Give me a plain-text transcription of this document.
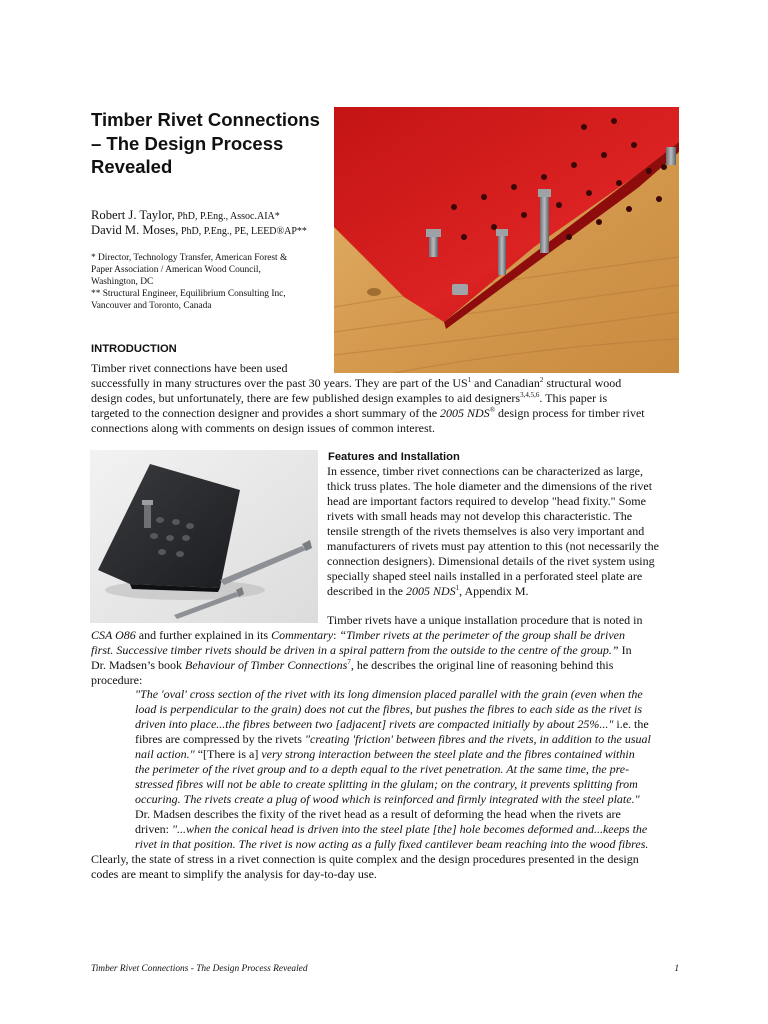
Timber Rivet Connections – The Design Process Revealed
Robert J. Taylor, PhD, P.Eng., Assoc.AIA*
David M. Moses, PhD, P.Eng., PE, LEED®AP**
* Director, Technology Transfer, American Forest &
Paper Association / American Wood Council,
Washington, DC
** Structural Engineer, Equilibrium Consulting Inc,
Vancouver and Toronto, Canada
INTRODUCTION
Timber rivet connections have been used
successfully in many structures over the past 30 years. They are part of the $US^1$ and Canadian$^2$ structural wood
design codes, but unfortunately, there are few published design examples to aid designers$^{3,4,5,6}$. This paper is
targeted to the connection designer and provides a short summary of the 2005 NDS® design process for timber rivet
connections along with comments on design issues of common interest.
Features and Installation
In essence, timber rivet connections can be characterized as large,
thick truss plates. The hole diameter and the dimensions of the rivet
head are important factors required to develop "head fixity." Some
rivets with small heads may not develop this characteristic. The
tensile strength of the rivets themselves is also very important and
manufacturers of rivets must pay attention to this (not necessarily the
connection designers). Dimensional details of the rivet system using
specially shaped steel nails installed in a perforated steel plate are
described in the 2005 NDS$^1$, Appendix M.
Timber rivets have a unique installation procedure that is noted in
CSA O86 and further explained in its Commentary: “Timber rivets at the perimeter of the group shall be driven
first. Successive timber rivets should be driven in a spiral pattern from the outside to the centre of the group.” In
Dr. Madsen’s book Behaviour of Timber Connections$^7$, he describes the original line of reasoning behind this
procedure:
"The 'oval' cross section of the rivet with its long dimension placed parallel with the grain (even when the
load is perpendicular to the grain) does not cut the fibres, but pushes the fibres to each side as the rivet is
driven into place...the fibres between two [adjacent] rivets are compacted initially by about 25%..." i.e. the
fibres are compressed by the rivets "creating 'friction' between fibres and the rivets, in addition to the usual
nail action." “[There is a] very strong interaction between the steel plate and the fibres contained within
the perimeter of the rivet group and to a depth equal to the rivet penetration. At the same time, the pre-
stressed fibres will not be able to create splitting in the glulam; on the contrary, it prevents splitting from
occuring. The rivets create a plug of wood which is reinforced and firmly integrated with the steel plate."
Dr. Madsen describes the fixity of the rivet head as a result of deforming the head when the rivets are
driven: "...when the conical head is driven into the steel plate [the] hole becomes deformed and...keeps the
rivet in that position. The rivet is now acting as a fully fixed cantilever beam reaching into the wood fibres.
Clearly, the state of stress in a rivet connection is quite complex and the design procedures presented in the design
codes are meant to simplify the analysis for day-to-day use.
Timber Rivet Connections - The Design Process Revealed	1
